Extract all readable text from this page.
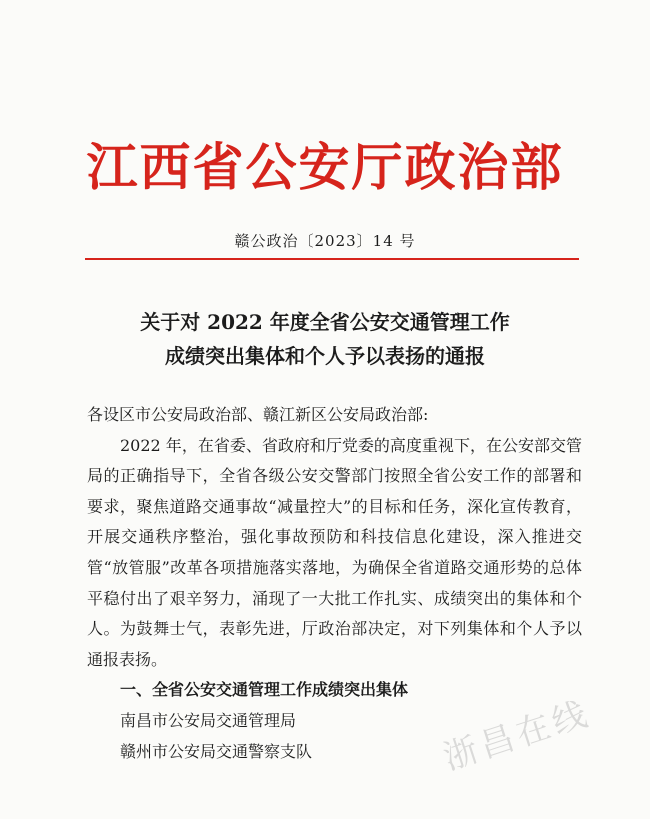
江西省公安厅政治部
赣公政治〔2023〕14 号
关于对 2022 年度全省公安交通管理工作
成绩突出集体和个人予以表扬的通报

各设区市公安局政治部、赣江新区公安局政治部:

2022 年，在省委、省政府和厅党委的高度重视下，在公安部交管局的正确指导下，全省各级公安交警部门按照全省公安工作的部署和要求，聚焦道路交通事故“减量控大”的目标和任务，深化宣传教育，开展交通秩序整治，强化事故预防和科技信息化建设，深入推进交管“放管服”改革各项措施落实落地，为确保全省道路交通形势的总体平稳付出了艰辛努力，涌现了一大批工作扎实、成绩突出的集体和个人。为鼓舞士气，表彰先进，厅政治部决定，对下列集体和个人予以通报表扬。

一、全省公安交通管理工作成绩突出集体

南昌市公安局交通管理局

赣州市公安局交通警察支队	浙昌在线
